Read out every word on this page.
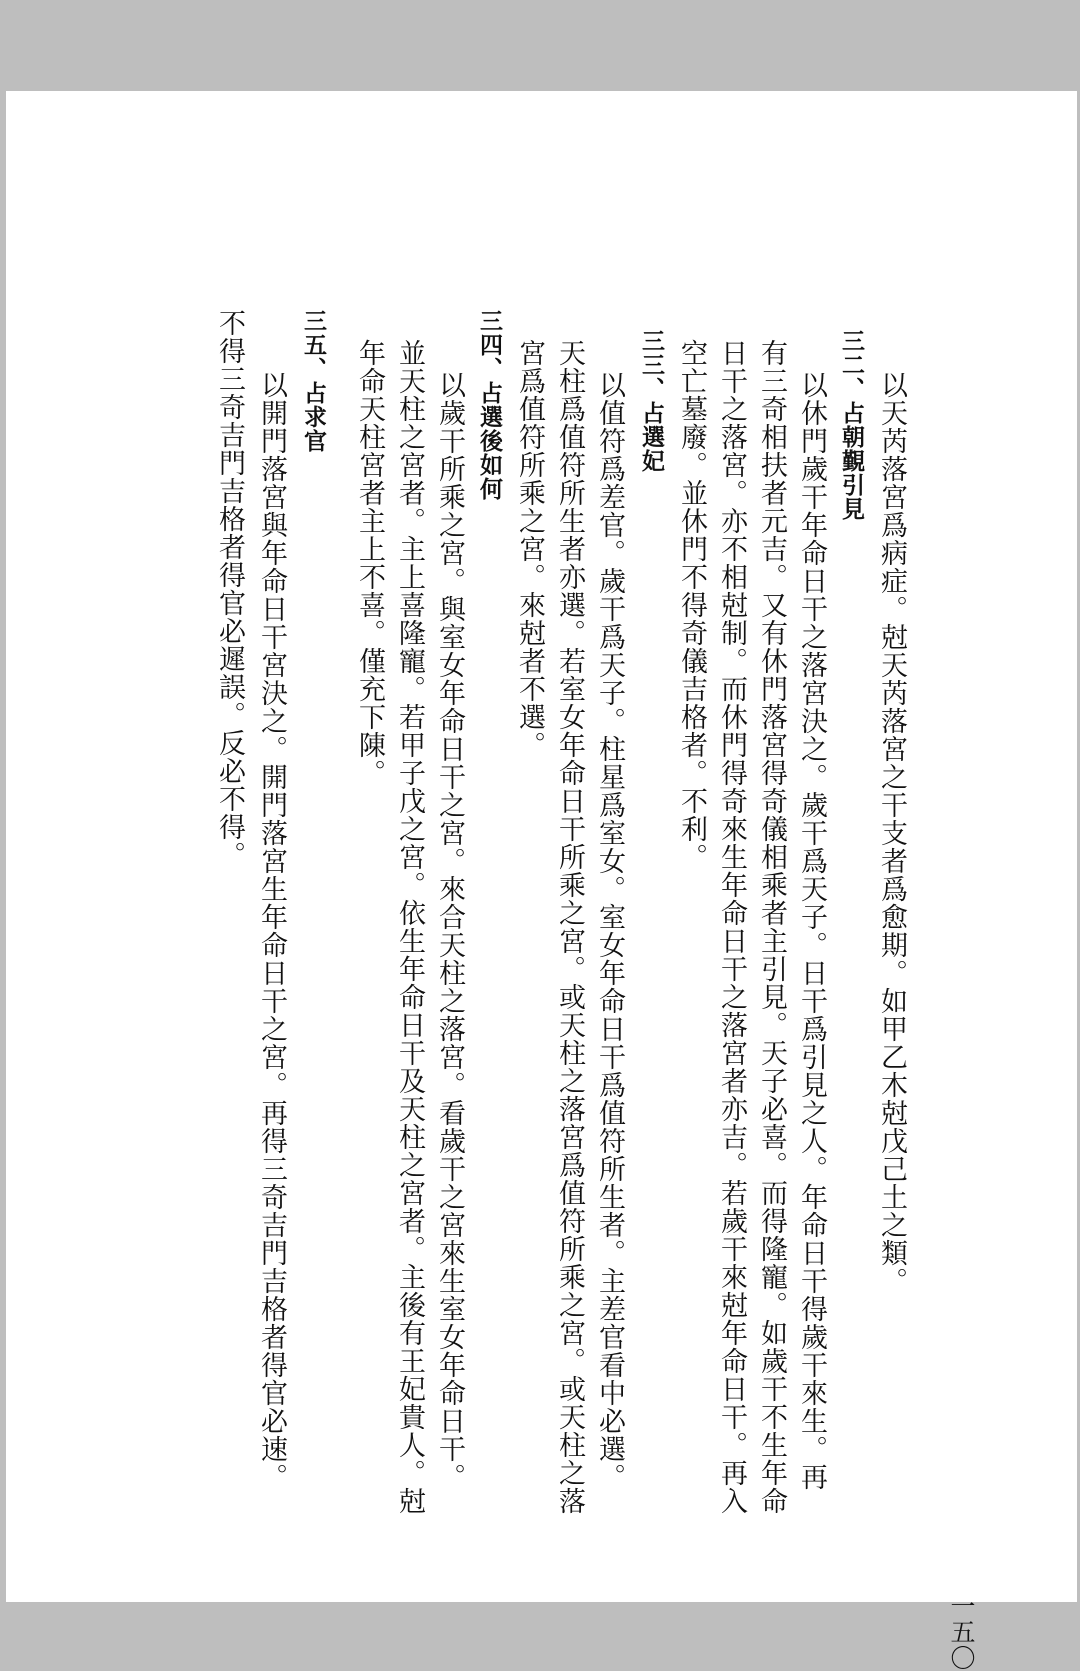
一五〇
以天芮落宮爲病症。尅天芮落宮之干支者爲愈期。如甲乙木尅戊己土之類。
三二、占朝覲引見
以休門歲干年命日干之落宮決之。歲干爲天子。日干爲引見之人。年命日干得歲干來生。再
有三奇相扶者元吉。又有休門落宮得奇儀相乘者主引見。天子必喜。而得隆寵。如歲干不生年命
日干之落宮。亦不相尅制。而休門得奇來生年命日干之落宮者亦吉。若歲干來尅年命日干。再入
空亡墓廢。並休門不得奇儀吉格者。不利。
三三、占選妃
以值符爲差官。歲干爲天子。柱星爲室女。室女年命日干爲值符所生者。主差官看中必選。
天柱爲值符所生者亦選。若室女年命日干所乘之宮。或天柱之落宮爲值符所乘之宮。或天柱之落
宮爲值符所乘之宮。來尅者不選。
三四、占選後如何
以歲干所乘之宮。與室女年命日干之宮。來合天柱之落宮。看歲干之宮來生室女年命日干。
並天柱之宮者。主上喜隆寵。若甲子戊之宮。依生年命日干及天柱之宮者。主後有王妃貴人。尅
年命天柱宮者主上不喜。僅充下陳。
三五、占求官
以開門落宮與年命日干宮決之。開門落宮生年命日干之宮。再得三奇吉門吉格者得官必速。
不得三奇吉門吉格者得官必遲誤。反必不得。
